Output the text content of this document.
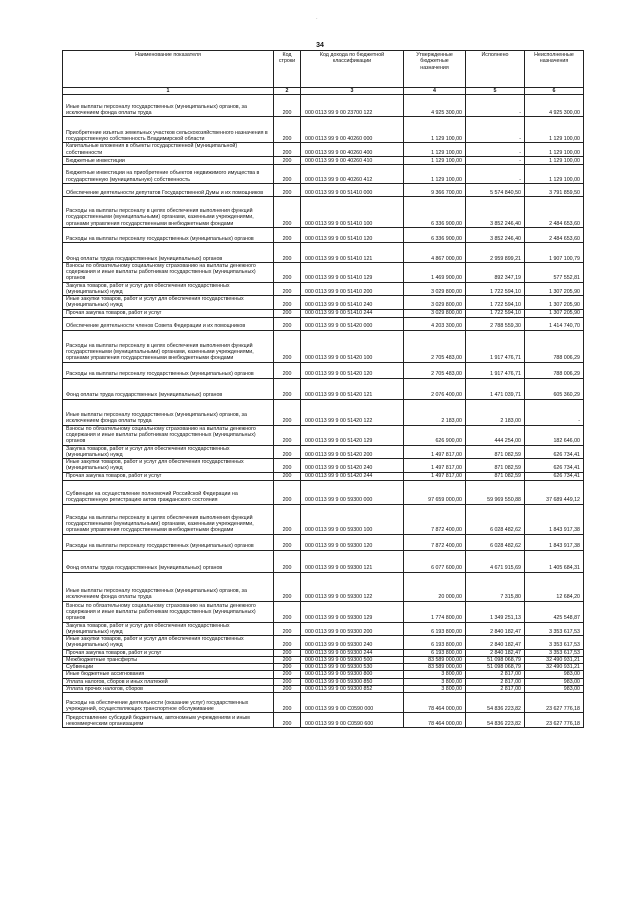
·
34
Наименование показателя	Код строки	Код дохода по бюджетной классификации	Утвержденные бюджетные назначения	Исполнено	Неисполненные назначения
1	2	3	4	5	6
Иные выплаты персоналу государственных (муниципальных) органов, за исключением фонда оплаты труда	200	000 0113 99 9 00 23700 122	4 925 300,00	-	4 925 300,00
Приобретение изъятых земельных участков сельскохозяйственного назначения в государственную собственность Владимирской области	200	000 0113 99 9 00 40260 000	1 129 100,00	-	1 129 100,00
Капитальные вложения в объекты государственной (муниципальной) собственности	200	000 0113 99 9 00 40260 400	1 129 100,00	-	1 129 100,00
Бюджетные инвестиции	200	000 0113 99 9 00 40260 410	1 129 100,00	-	1 129 100,00
Бюджетные инвестиции на приобретение объектов недвижимого имущества в государственную (муниципальную) собственность	200	000 0113 99 9 00 40260 412	1 129 100,00	-	1 129 100,00
Обеспечение деятельности депутатов Государственной Думы и их помощников	200	000 0113 99 9 00 51410 000	9 366 700,00	5 574 840,50	3 791 859,50
Расходы на выплаты персоналу в целях обеспечения выполнения функций государственными (муниципальными) органами, казенными учреждениями, органами управления государственными внебюджетными фондами	200	000 0113 99 9 00 51410 100	6 336 900,00	3 852 246,40	2 484 653,60
Расходы на выплаты персоналу государственных (муниципальных) органов	200	000 0113 99 9 00 51410 120	6 336 900,00	3 852 246,40	2 484 653,60
Фонд оплаты труда государственных (муниципальных) органов	200	000 0113 99 9 00 51410 121	4 867 000,00	2 959 899,21	1 907 100,79
Взносы по обязательному социальному страхованию на выплаты денежного содержания и иные выплаты работникам государственных (муниципальных) органов	200	000 0113 99 9 00 51410 129	1 469 900,00	892 347,19	577 552,81
Закупка товаров, работ и услуг для обеспечения государственных (муниципальных) нужд	200	000 0113 99 9 00 51410 200	3 029 800,00	1 722 594,10	1 307 205,90
Иные закупки товаров, работ и услуг для обеспечения государственных (муниципальных) нужд	200	000 0113 99 9 00 51410 240	3 029 800,00	1 722 594,10	1 307 205,90
Прочая закупка товаров, работ и услуг	200	000 0113 99 9 00 51410 244	3 029 800,00	1 722 594,10	1 307 205,90
Обеспечение деятельности членов Совета Федерации и их помощников	200	000 0113 99 9 00 51420 000	4 203 300,00	2 788 559,30	1 414 740,70
Расходы на выплаты персоналу в целях обеспечения выполнения функций государственными (муниципальными) органами, казенными учреждениями, органами управления государственными внебюджетными фондами	200	000 0113 99 9 00 51420 100	2 705 483,00	1 917 476,71	788 006,29
Расходы на выплаты персоналу государственных (муниципальных) органов	200	000 0113 99 9 00 51420 120	2 705 483,00	1 917 476,71	788 006,29
Фонд оплаты труда государственных (муниципальных) органов	200	000 0113 99 9 00 51420 121	2 076 400,00	1 471 039,71	605 360,29
Иные выплаты персоналу государственных (муниципальных) органов, за исключением фонда оплаты труда	200	000 0113 99 9 00 51420 122	2 183,00	2 183,00	-
Взносы по обязательному социальному страхованию на выплаты денежного содержания и иные выплаты работникам государственных (муниципальных) органов	200	000 0113 99 9 00 51420 129	626 900,00	444 254,00	182 646,00
Закупка товаров, работ и услуг для обеспечения государственных (муниципальных) нужд	200	000 0113 99 9 00 51420 200	1 497 817,00	871 082,59	626 734,41
Иные закупки товаров, работ и услуг для обеспечения государственных (муниципальных) нужд	200	000 0113 99 9 00 51420 240	1 497 817,00	871 082,59	626 734,41
Прочая закупка товаров, работ и услуг	200	000 0113 99 9 00 51420 244	1 497 817,00	871 082,59	626 734,41
Субвенции на осуществление полномочий Российской Федерации на государственную регистрацию актов гражданского состояния	200	000 0113 99 9 00 59300 000	97 659 000,00	59 969 550,88	37 689 449,12
Расходы на выплаты персоналу в целях обеспечения выполнения функций государственными (муниципальными) органами, казенными учреждениями, органами управления государственными внебюджетными фондами	200	000 0113 99 9 00 59300 100	7 872 400,00	6 028 482,62	1 843 917,38
Расходы на выплаты персоналу государственных (муниципальных) органов	200	000 0113 99 9 00 59300 120	7 872 400,00	6 028 482,62	1 843 917,38
Фонд оплаты труда государственных (муниципальных) органов	200	000 0113 99 9 00 59300 121	6 077 600,00	4 671 915,69	1 405 684,31
Иные выплаты персоналу государственных (муниципальных) органов, за исключением фонда оплаты труда	200	000 0113 99 9 00 59300 122	20 000,00	7 315,80	12 684,20
Взносы по обязательному социальному страхованию на выплаты денежного содержания и иные выплаты работникам государственных (муниципальных) органов	200	000 0113 99 9 00 59300 129	1 774 800,00	1 349 251,13	425 548,87
Закупка товаров, работ и услуг для обеспечения государственных (муниципальных) нужд	200	000 0113 99 9 00 59300 200	6 193 800,00	2 840 182,47	3 353 617,53
Иные закупки товаров, работ и услуг для обеспечения государственных (муниципальных) нужд	200	000 0113 99 9 00 59300 240	6 193 800,00	2 840 182,47	3 353 617,53
Прочая закупка товаров, работ и услуг	200	000 0113 99 9 00 59300 244	6 193 800,00	2 840 182,47	3 353 617,53
Межбюджетные трансферты	200	000 0113 99 9 00 59300 500	83 589 000,00	51 098 068,79	32 490 931,21
Субвенции	200	000 0113 99 9 00 59300 530	83 589 000,00	51 098 068,79	32 490 931,21
Иные бюджетные ассигнования	200	000 0113 99 9 00 59300 800	3 800,00	2 817,00	983,00
Уплата налогов, сборов и иных платежей	200	000 0113 99 9 00 59300 850	3 800,00	2 817,00	983,00
Уплата прочих налогов, сборов	200	000 0113 99 9 00 59300 852	3 800,00	2 817,00	983,00
Расходы на обеспечение деятельности (оказание услуг) государственных учреждений, осуществляющих транспортное обслуживание	200	000 0113 99 9 00 C0590 000	78 464 000,00	54 836 223,82	23 627 776,18
Предоставление субсидий бюджетным, автономным учреждениям и иным некоммерческим организациям	200	000 0113 99 9 00 C0590 600	78 464 000,00	54 836 223,82	23 627 776,18
